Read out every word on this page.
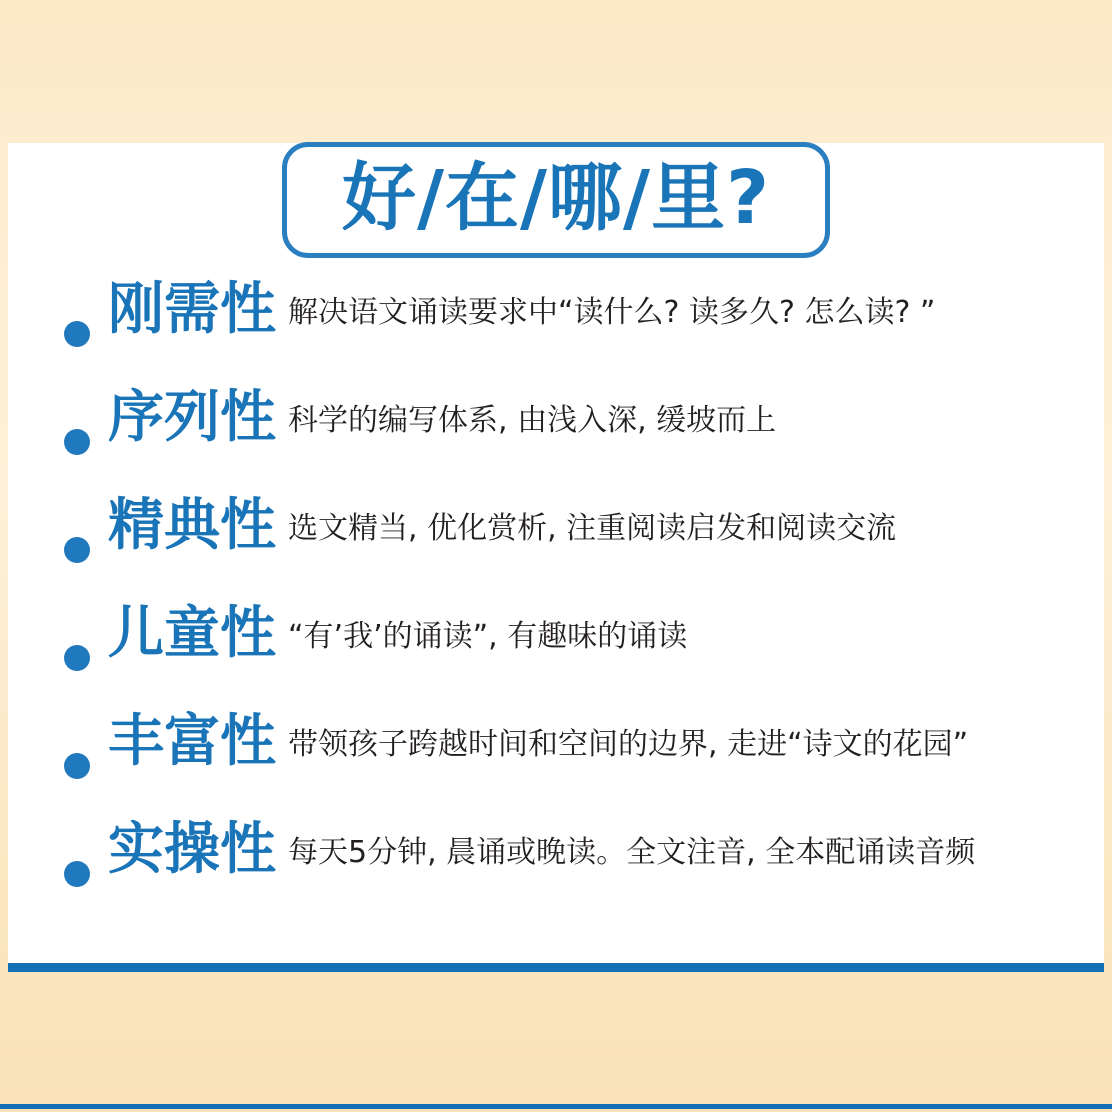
好/在/哪/里?
刚需性 解决语文诵读要求中“读什么? 读多久? 怎么读? ”
序列性 科学的编写体系, 由浅入深, 缓坡而上
精典性 选文精当, 优化赏析, 注重阅读启发和阅读交流
儿童性 “有’我’的诵读”, 有趣味的诵读
丰富性 带领孩子跨越时间和空间的边界, 走进“诗文的花园”
实操性 每天5分钟, 晨诵或晚读。全文注音, 全本配诵读音频
